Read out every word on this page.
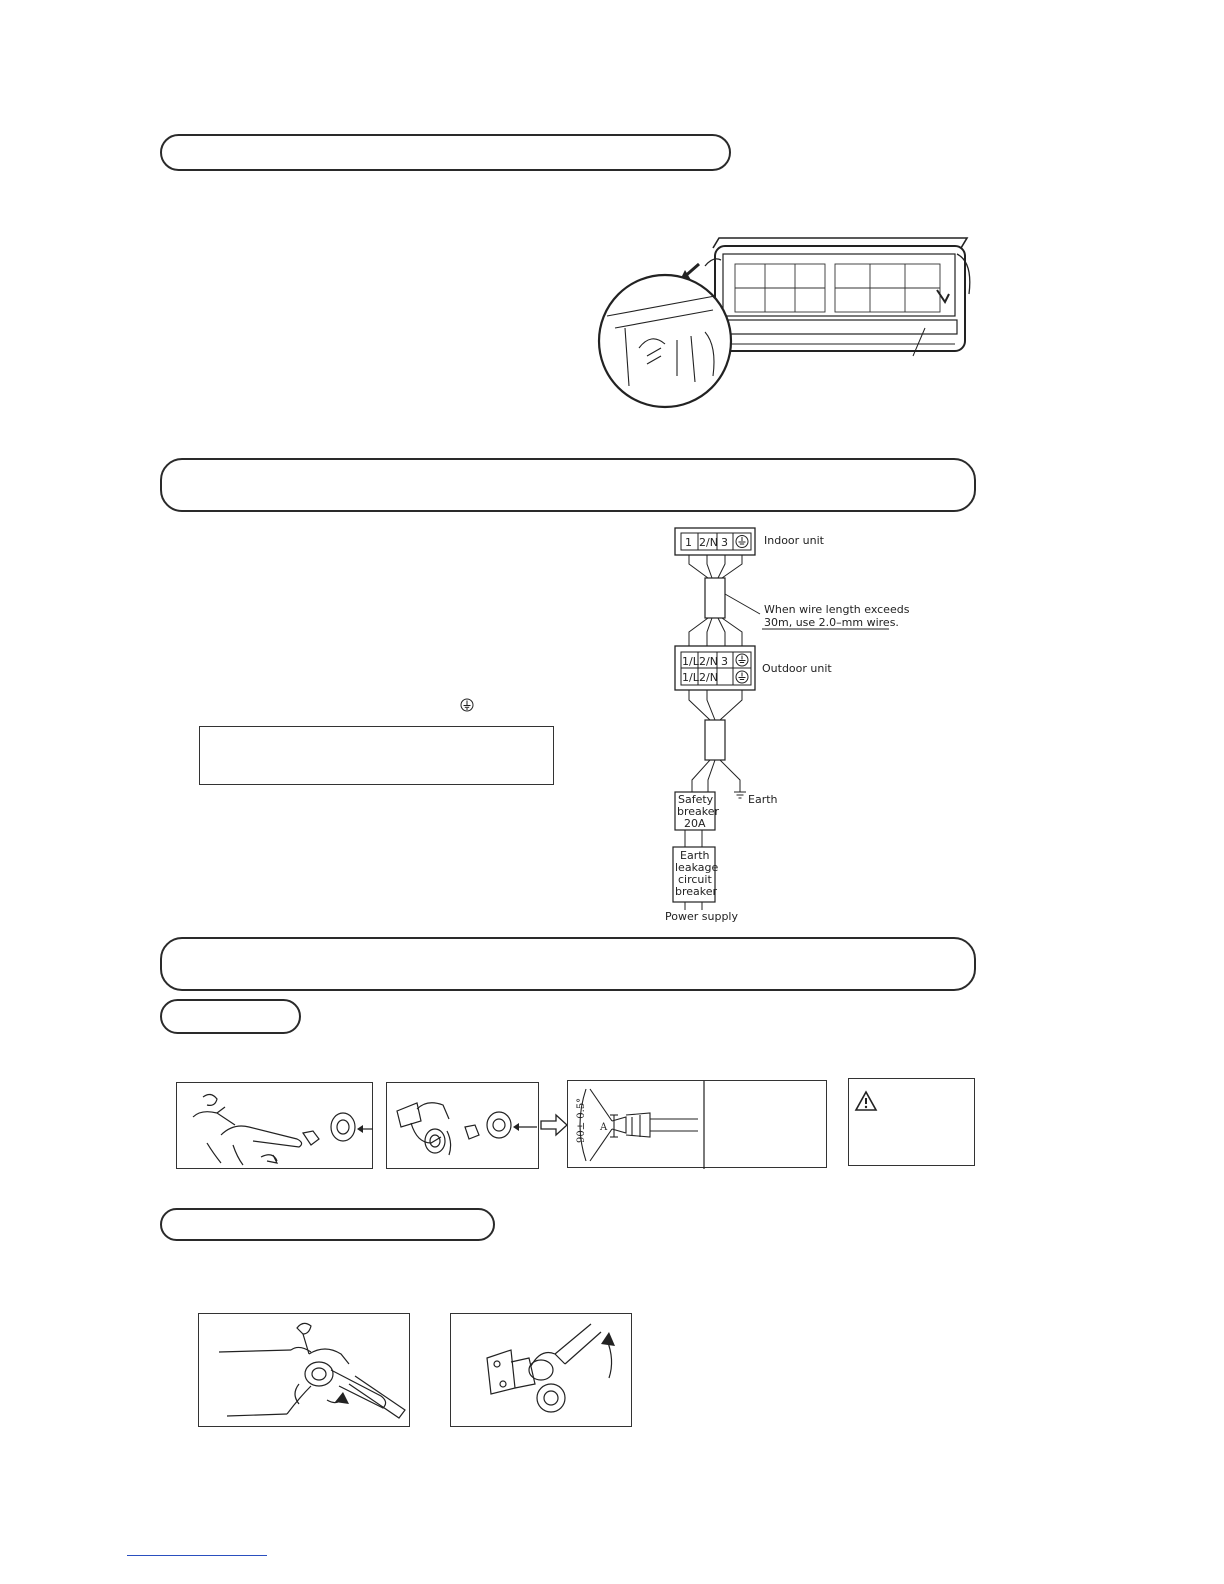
1 2/N 3	Indoor unit
When wire length exceeds
30m, use 2.0–mm wires.
1/L 2/N 3
1/L 2/N
Outdoor unit
Earth
Safety
breaker
20A
Earth
leakage
circuit
breaker
Power supply
90± 0.5° A
